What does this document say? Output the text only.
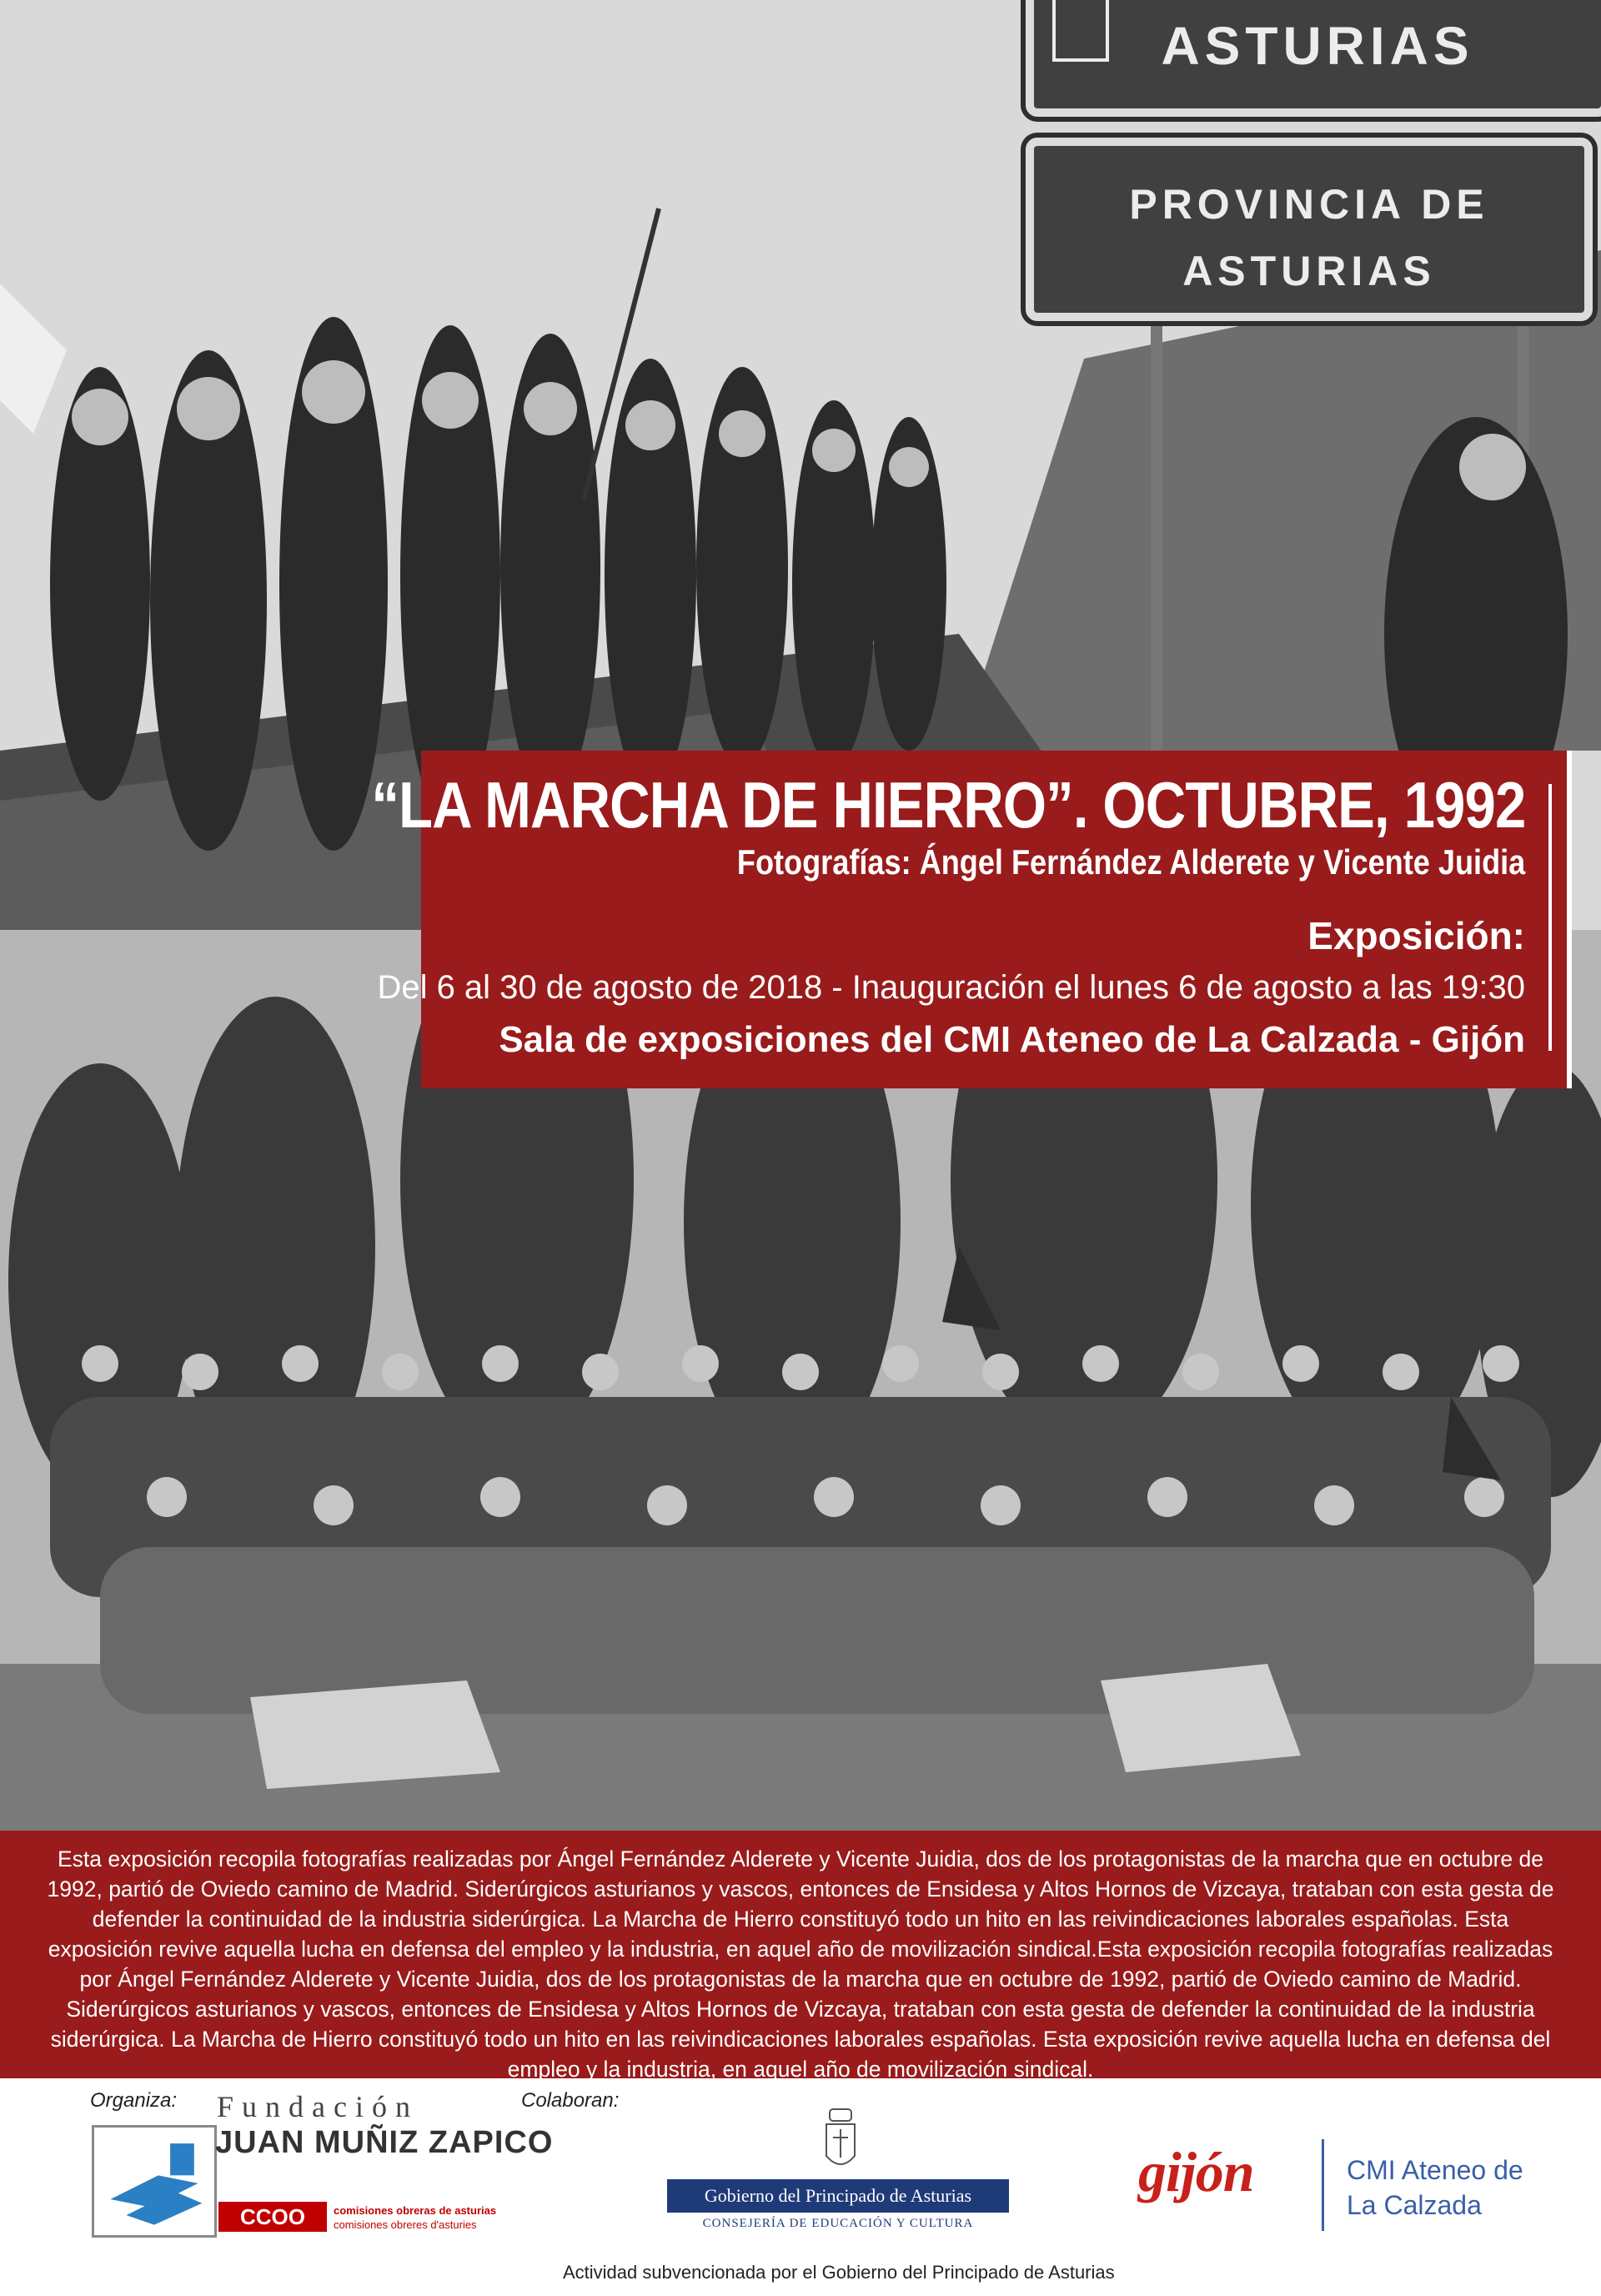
ASTURIAS
PROVINCIA DE
ASTURIAS
“LA MARCHA DE HIERRO”. OCTUBRE, 1992
Fotografías: Ángel Fernández Alderete y Vicente Juidia
Exposición:
Del 6 al 30 de agosto de 2018 - Inauguración el lunes 6 de agosto a las 19:30
Sala de exposiciones del CMI Ateneo de La Calzada - Gijón

Esta exposición recopila fotografías realizadas por Ángel Fernández Alderete y Vicente Juidia, dos de los protagonistas de la marcha que en octubre de 1992, partió de Oviedo camino de Madrid. Siderúrgicos asturianos y vascos, entonces de Ensidesa y Altos Hornos de Vizcaya, trataban con esta gesta de defender la continuidad de la industria siderúrgica. La Marcha de Hierro constituyó todo un hito en las reivindicaciones laborales españolas. Esta exposición revive aquella lucha en defensa del empleo y la industria, en aquel año de movilización sindical.Esta exposición recopila fotografías realizadas por Ángel Fernández Alderete y Vicente Juidia, dos de los protagonistas de la marcha que en octubre de 1992, partió de Oviedo camino de Madrid. Siderúrgicos asturianos y vascos, entonces de Ensidesa y Altos Hornos de Vizcaya, trataban con esta gesta de defender la continuidad de la industria siderúrgica. La Marcha de Hierro constituyó todo un hito en las reivindicaciones laborales españolas. Esta exposición revive aquella lucha en defensa del empleo y la industria, en aquel año de movilización sindical.

Organiza:	Colaboran:
Fundación
JUAN MUÑIZ ZAPICO
CCOO	comisiones obreras de asturias
comisiones obreres d'asturies
Gobierno del Principado de Asturias
CONSEJERÍA DE EDUCACIÓN Y CULTURA
Actividad subvencionada por el Gobierno del Principado de Asturias
gijón	CMI Ateneo de
La Calzada
